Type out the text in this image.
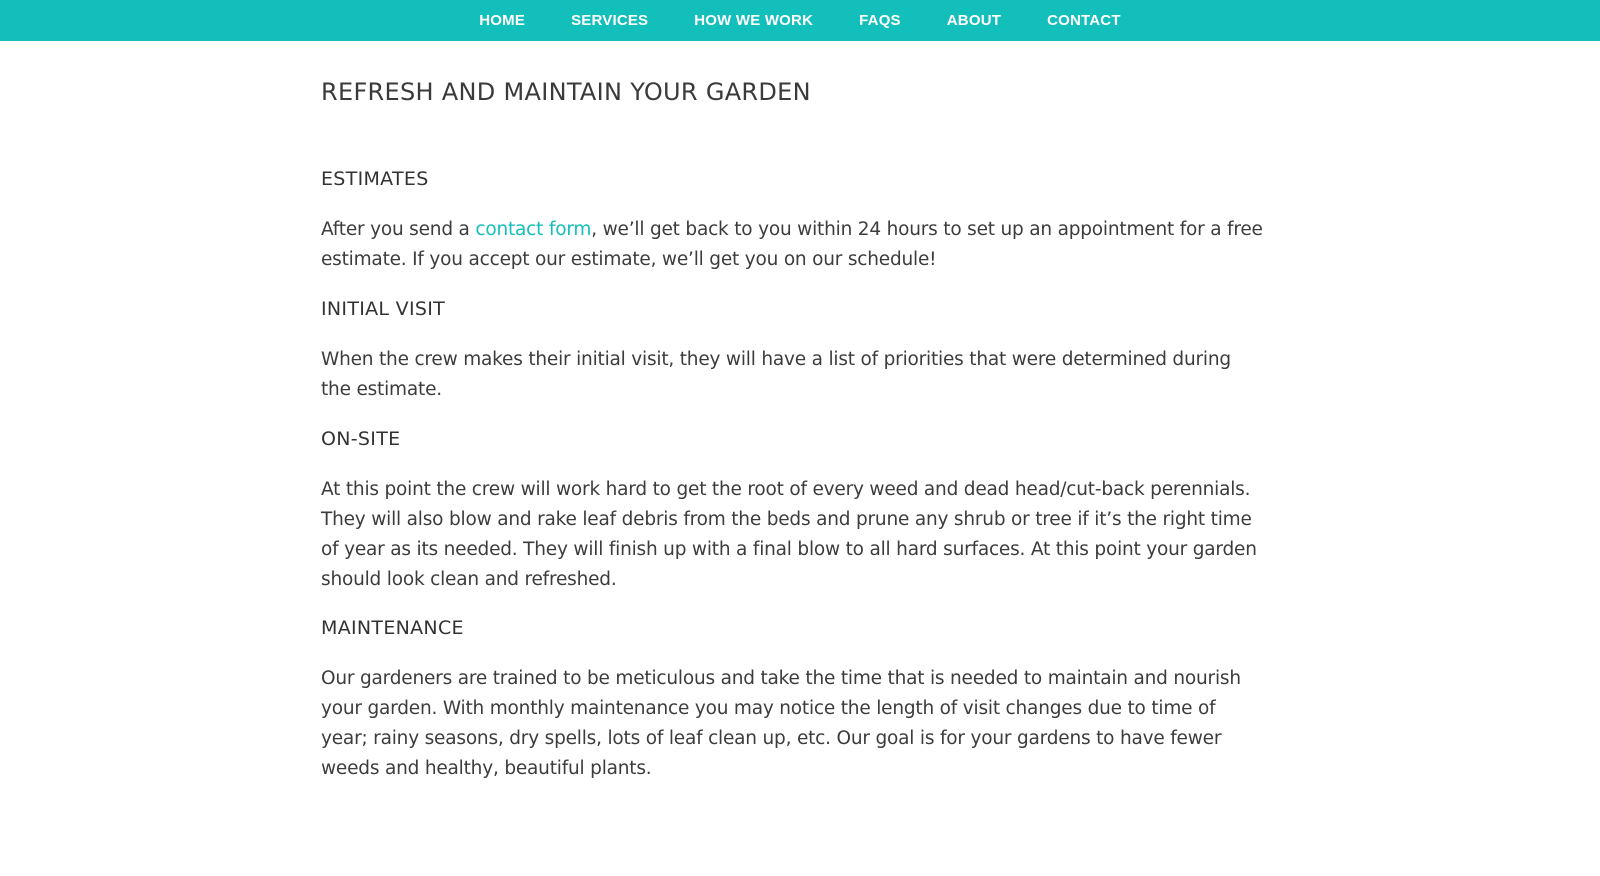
HOME	SERVICES	HOW WE WORK	FAQS	ABOUT	CONTACT
REFRESH AND MAINTAIN YOUR GARDEN
ESTIMATES

After you send a contact form, we’ll get back to you within 24 hours to set up an appointment for a free estimate. If you accept our estimate, we’ll get you on our schedule!

INITIAL VISIT

When the crew makes their initial visit, they will have a list of priorities that were determined during the estimate.

ON-SITE

At this point the crew will work hard to get the root of every weed and dead head/cut-back perennials. They will also blow and rake leaf debris from the beds and prune any shrub or tree if it’s the right time of year as its needed. They will finish up with a final blow to all hard surfaces. At this point your garden should look clean and refreshed.

MAINTENANCE

Our gardeners are trained to be meticulous and take the time that is needed to maintain and nourish your garden. With monthly maintenance you may notice the length of visit changes due to time of year; rainy seasons, dry spells, lots of leaf clean up, etc. Our goal is for your gardens to have fewer weeds and healthy, beautiful plants.
